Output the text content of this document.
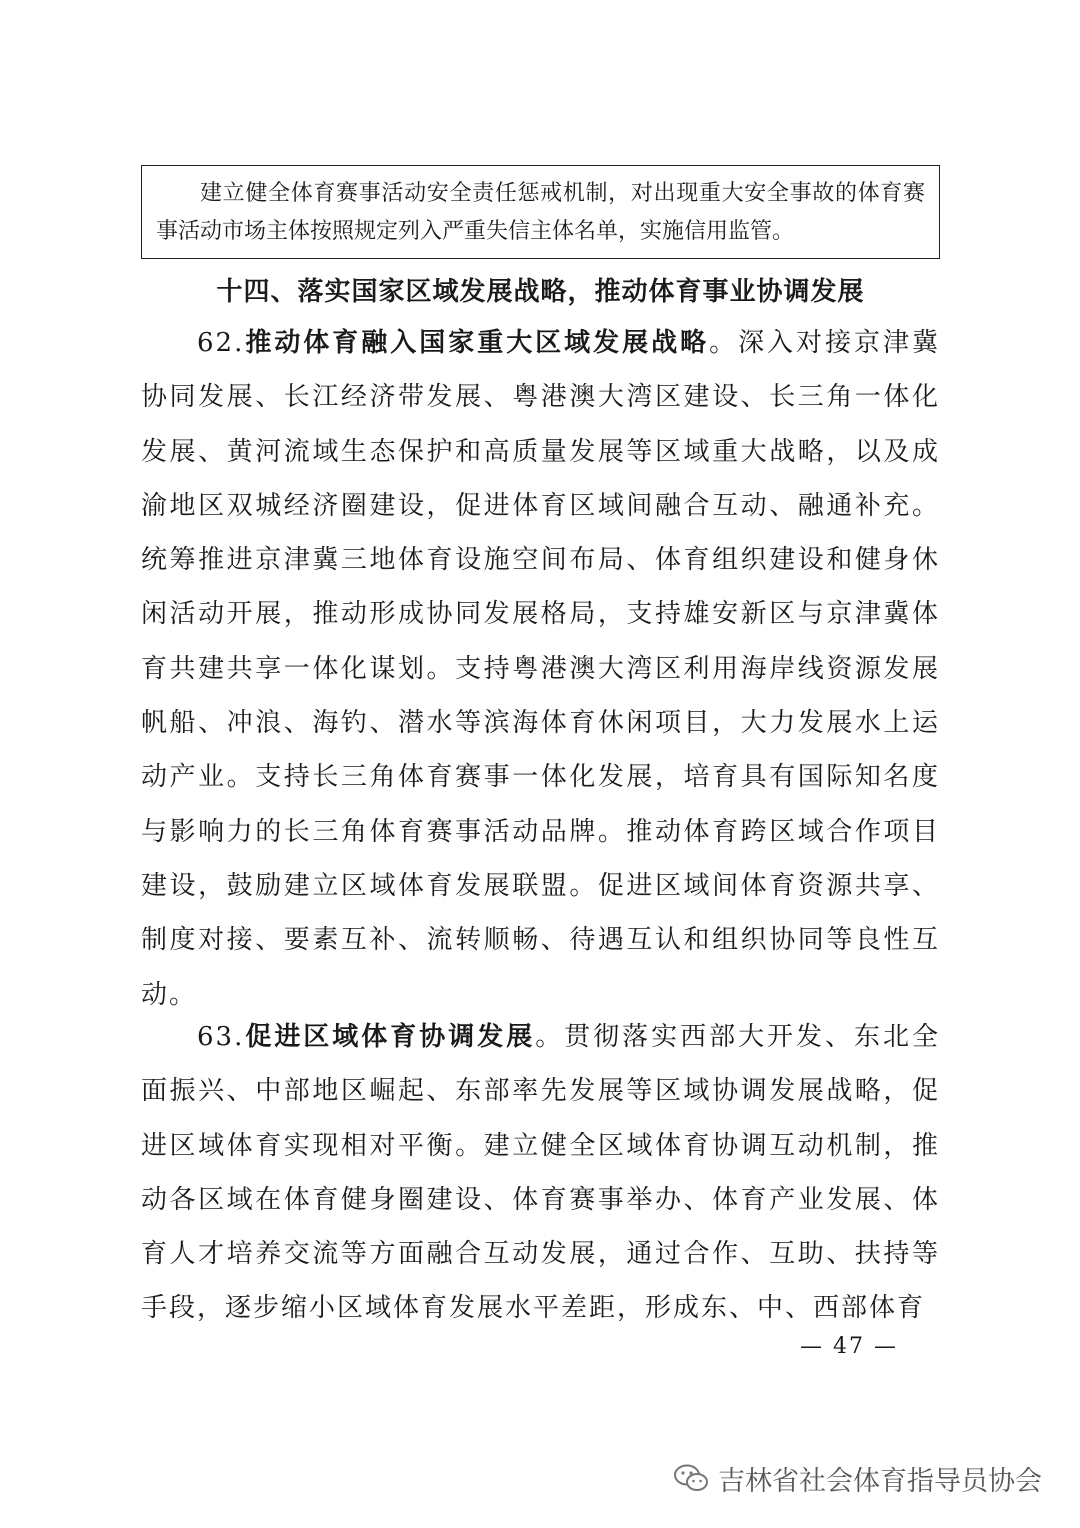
建立健全体育赛事活动安全责任惩戒机制，对出现重大安全事故的体育赛事活动市场主体按照规定列入严重失信主体名单，实施信用监管。

十四、落实国家区域发展战略，推动体育事业协调发展

62.推动体育融入国家重大区域发展战略。深入对接京津冀协同发展、长江经济带发展、粤港澳大湾区建设、长三角一体化发展、黄河流域生态保护和高质量发展等区域重大战略，以及成渝地区双城经济圈建设，促进体育区域间融合互动、融通补充。统筹推进京津冀三地体育设施空间布局、体育组织建设和健身休闲活动开展，推动形成协同发展格局，支持雄安新区与京津冀体育共建共享一体化谋划。支持粤港澳大湾区利用海岸线资源发展帆船、冲浪、海钓、潜水等滨海体育休闲项目，大力发展水上运动产业。支持长三角体育赛事一体化发展，培育具有国际知名度与影响力的长三角体育赛事活动品牌。推动体育跨区域合作项目建设，鼓励建立区域体育发展联盟。促进区域间体育资源共享、制度对接、要素互补、流转顺畅、待遇互认和组织协同等良性互动。

63.促进区域体育协调发展。贯彻落实西部大开发、东北全面振兴、中部地区崛起、东部率先发展等区域协调发展战略，促进区域体育实现相对平衡。建立健全区域体育协调互动机制，推动各区域在体育健身圈建设、体育赛事举办、体育产业发展、体育人才培养交流等方面融合互动发展，通过合作、互助、扶持等手段，逐步缩小区域体育发展水平差距，形成东、中、西部体育

— 47 —
吉林省社会体育指导员协会
